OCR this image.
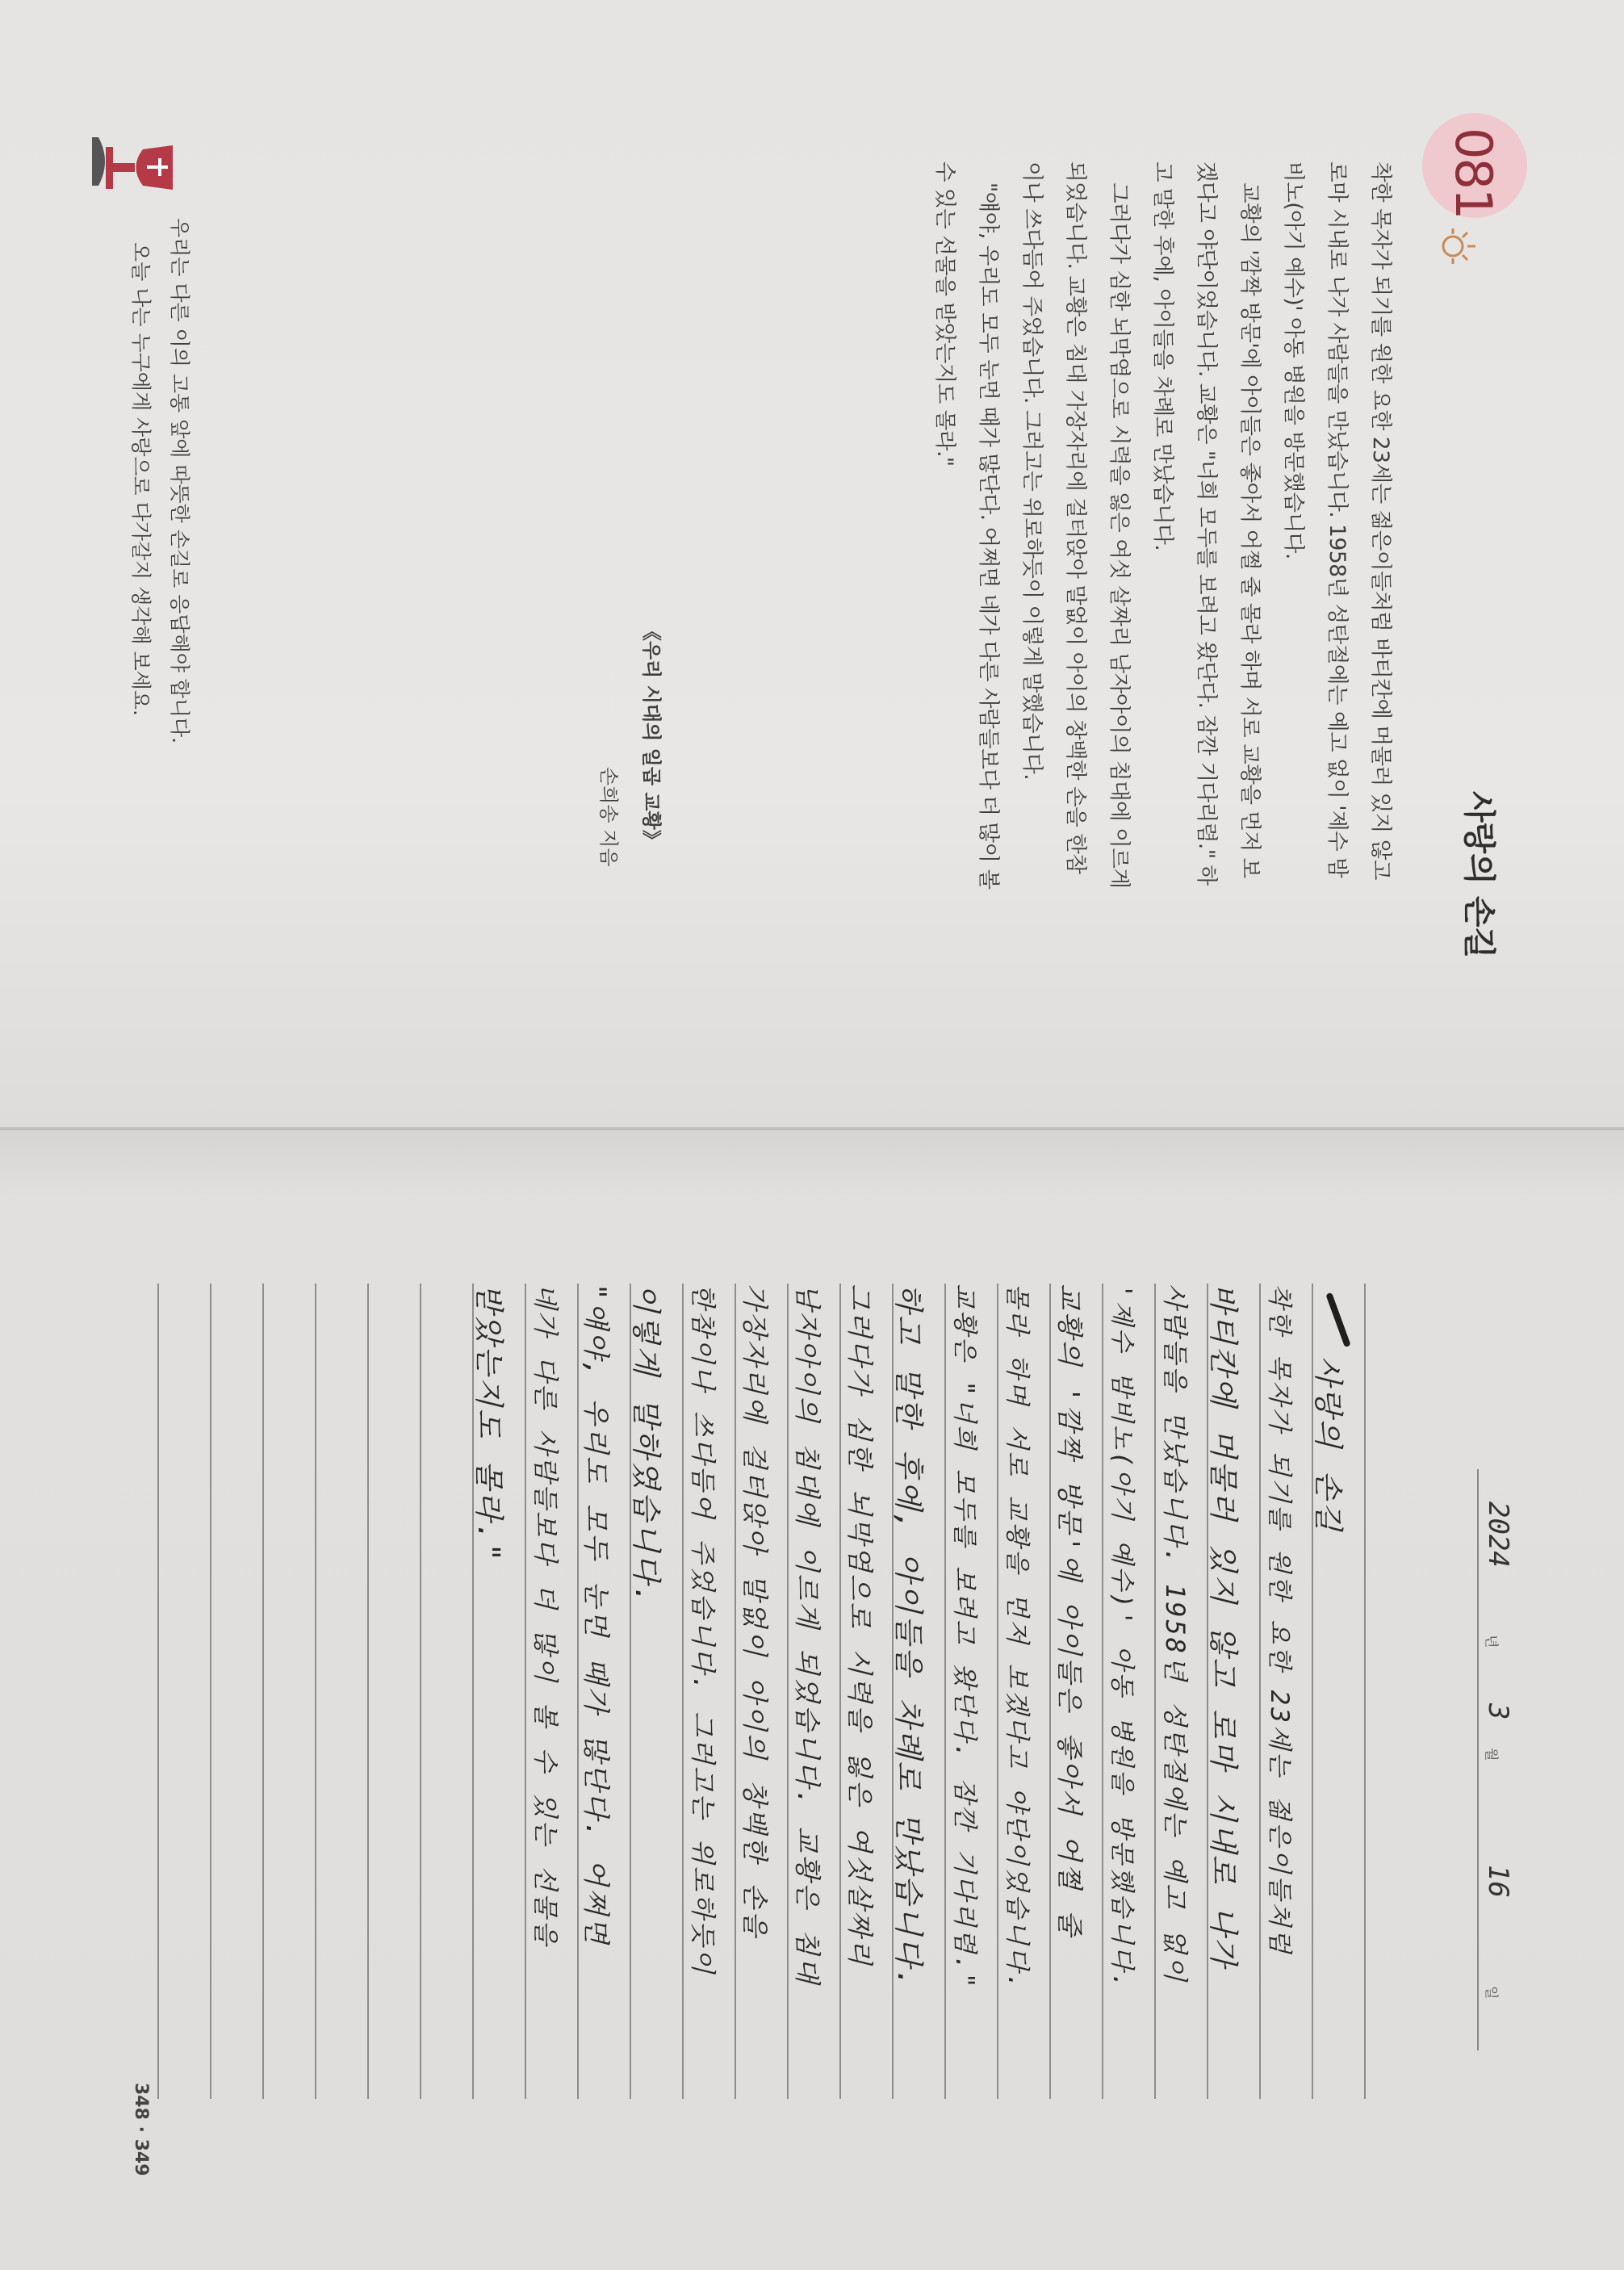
081
사랑의 손길

착한 목자가 되기를 원한 요한 23세는 젊은이들처럼 바티칸에 머물러 있지 않고 로마 시내로 나가 사람들을 만났습니다. 1958년 성탄절에는 예고 없이 '제수 밤비노(아기 예수)' 아동 병원을 방문했습니다.

교황의 '깜짝 방문'에 아이들은 좋아서 어쩔 줄 몰라 하며 서로 교황을 먼저 보겠다고 야단이었습니다. 교황은 "너희 모두를 보려고 왔단다. 잠깐 기다리렴." 하고 말한 후에, 아이들을 차례로 만났습니다.

그러다가 심한 뇌막염으로 시력을 잃은 여섯 살짜리 남자아이의 침대에 이르게 되었습니다. 교황은 침대 가장자리에 걸터앉아 말없이 아이의 창백한 손을 한참이나 쓰다듬어 주었습니다. 그러고는 위로하듯이 이렇게 말했습니다.

"얘야, 우리도 모두 눈먼 때가 많단다. 어쩌면 네가 다른 사람들보다 더 많이 볼 수 있는 선물을 받았는지도 몰라."

《우리 시대의 일곱 교황》
손희송 지음
우리는 다른 이의 고통 앞에 따뜻한 손길로 응답해야 합니다.
오늘 나는 누구에게 사랑으로 다가갈지 생각해 보세요.
2024
년
3
월
16
일
사랑의 손길
착한 목자가 되기를 원한 요한 23세는 젊은이들처럼
바티칸에 머물러 있지 않고 로마 시내로 나가
사람들을 만났습니다. 1958년 성탄절에는 예고 없이
'제수 밤비노(아기 예수)' 아동 병원을 방문했습니다.
교황의 '깜짝 방문'에 아이들은 좋아서 어쩔 줄
몰라 하며 서로 교황을 먼저 보겠다고 야단이었습니다.
교황은 "너희 모두를 보려고 왔단다. 잠깐 기다리렴."
하고 말한 후에, 아이들을 차례로 만났습니다.
그러다가 심한 뇌막염으로 시력을 잃은 여섯살짜리
남자아이의 침대에 이르게 되었습니다. 교황은 침대
가장자리에 걸터앉아 말없이 아이의 창백한 손을
한참이나 쓰다듬어 주었습니다. 그러고는 위로하듯이
이렇게 말하였습니다.
"얘야, 우리도 모두 눈먼 때가 많단다. 어쩌면
네가 다른 사람들보다 더 많이 볼 수 있는 선물을
받았는지도 몰라."
348 · 349
